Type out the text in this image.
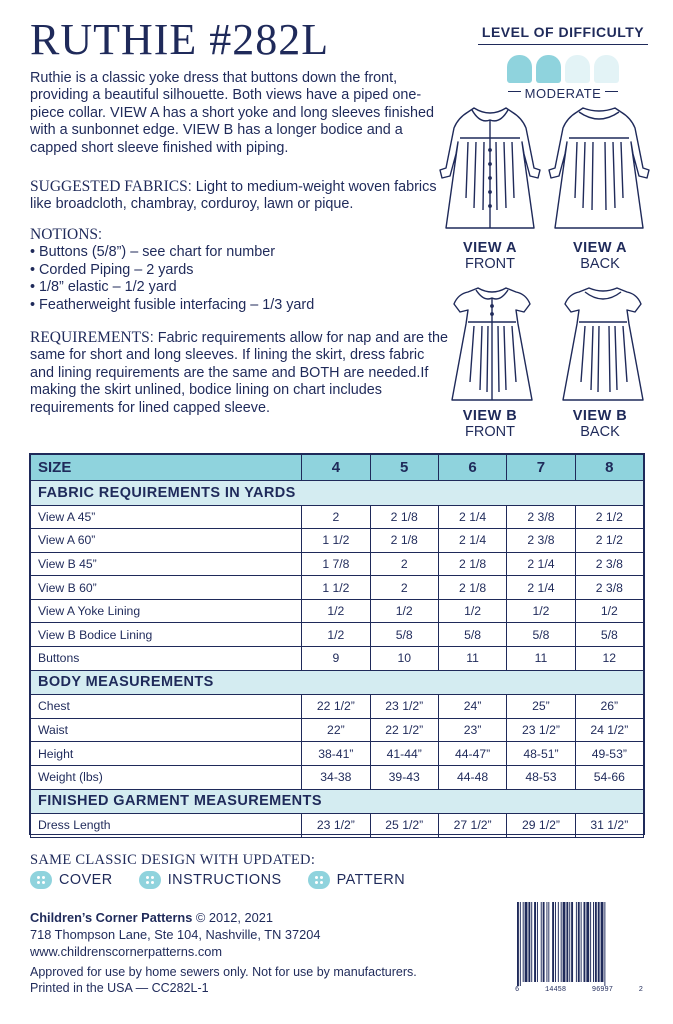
RUTHIE #282L

Ruthie is a classic yoke dress that buttons down the front, providing a beautiful silhouette. Both views have a piped one-piece collar. VIEW A has a short yoke and long sleeves finished with a sunbonnet edge. VIEW B has a longer bodice and a capped short sleeve finished with piping.

SUGGESTED FABRICS: Light to medium-weight woven fabrics like broadcloth, chambray, corduroy, lawn or pique.

NOTIONS:
• Buttons (5/8”) – see chart for number
• Corded Piping – 2 yards
• 1/8” elastic – 1/2 yard
• Featherweight fusible interfacing – 1/3 yard

REQUIREMENTS: Fabric requirements allow for nap and are the same for short and long sleeves. If lining the skirt, dress fabric and lining requirements are the same and BOTH are needed.If making the skirt unlined, bodice lining on chart includes requirements for lined capped sleeve.

LEVEL OF DIFFICULTY
MODERATE
VIEW A
FRONT
VIEW A
BACK
VIEW B
FRONT
VIEW B
BACK
SIZE	4	5	6	7	8
FABRIC REQUIREMENTS IN YARDS					
View A 45”	2	2 1/8	2 1/4	2 3/8	2 1/2
View A 60”	1 1/2	2 1/8	2 1/4	2 3/8	2 1/2
View B 45”	1 7/8	2	2 1/8	2 1/4	2 3/8
View B 60”	1 1/2	2	2 1/8	2 1/4	2 3/8
View A Yoke Lining	1/2	1/2	1/2	1/2	1/2
View B Bodice Lining	1/2	5/8	5/8	5/8	5/8
Buttons	9	10	11	11	12
BODY MEASUREMENTS					
Chest	22 1/2”	23 1/2”	24”	25”	26”
Waist	22”	22 1/2”	23”	23 1/2”	24 1/2”
Height	38-41”	41-44”	44-47”	48-51”	49-53”
Weight (lbs)	34-38	39-43	44-48	48-53	54-66
FINISHED GARMENT MEASUREMENTS					
Dress Length	23 1/2”	25 1/2”	27 1/2”	29 1/2”	31 1/2”
SAME CLASSIC DESIGN WITH UPDATED:
COVER	INSTRUCTIONS	PATTERN
Children’s Corner Patterns © 2012, 2021
718 Thompson Lane, Ste 104, Nashville, TN 37204
www.childrenscornerpatterns.com
Approved for use by home sewers only. Not for use by manufacturers.
Printed in the USA — CC282L-1	6	14458	96997	2
